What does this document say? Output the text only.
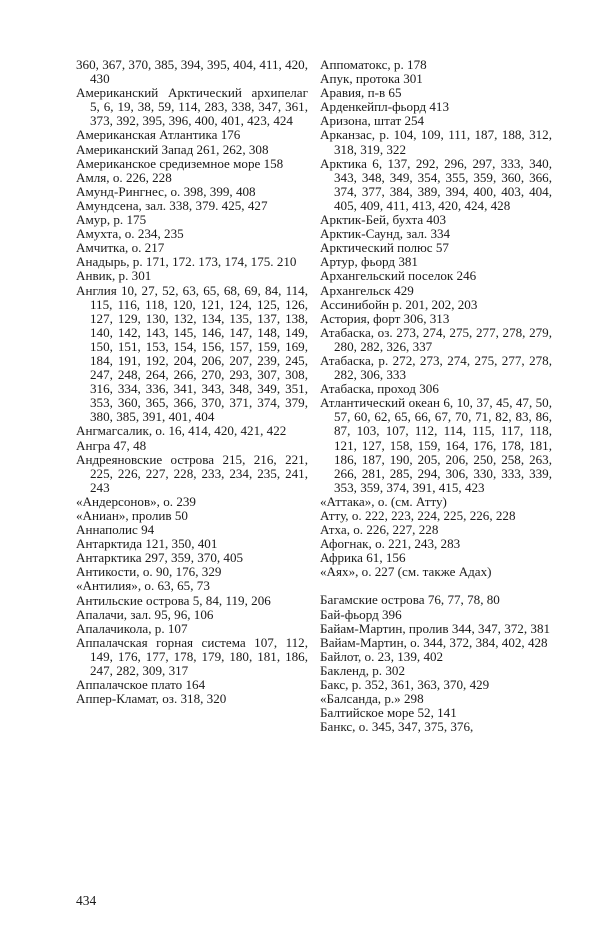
360, 367, 370, 385, 394, 395, 404, 411, 420, 430
Американский Арктический архипелаг 5, 6, 19, 38, 59, 114, 283, 338, 347, 361, 373, 392, 395, 396, 400, 401, 423, 424
Американская Атлантика 176
Американский Запад 261, 262, 308
Американское средиземное море 158
Амля, о. 226, 228
Амунд-Рингнес, о. 398, 399, 408
Амундсена, зал. 338, 379. 425, 427
Амур, р. 175
Амухта, о. 234, 235
Амчитка, о. 217
Анадырь, р. 171, 172. 173, 174, 175. 210
Анвик, р. 301
Англия 10, 27, 52, 63, 65, 68, 69, 84, 114, 115, 116, 118, 120, 121, 124, 125, 126, 127, 129, 130, 132, 134, 135, 137, 138, 140, 142, 143, 145, 146, 147, 148, 149, 150, 151, 153, 154, 156, 157, 159, 169, 184, 191, 192, 204, 206, 207, 239, 245, 247, 248, 264, 266, 270, 293, 307, 308, 316, 334, 336, 341, 343, 348, 349, 351, 353, 360, 365, 366, 370, 371, 374, 379, 380, 385, 391, 401, 404
Ангмагсалик, о. 16, 414, 420, 421, 422
Ангра 47, 48
Андреяновские острова 215, 216, 221, 225, 226, 227, 228, 233, 234, 235, 241, 243
«Андерсонов», о. 239
«Аниан», пролив 50
Аннаполис 94
Антарктида 121, 350, 401
Антарктика 297, 359, 370, 405
Антикости, о. 90, 176, 329
«Антилия», о. 63, 65, 73
Антильские острова 5, 84, 119, 206
Апалачи, зал. 95, 96, 106
Апалачикола, р. 107
Аппалачская горная система 107, 112, 149, 176, 177, 178, 179, 180, 181, 186, 247, 282, 309, 317
Аппалачское плато 164
Аппер-Кламат, оз. 318, 320
Аппоматокс, р. 178
Апук, протока 301
Аравия, п-в 65
Арденкейпл-фьорд 413
Аризона, штат 254
Арканзас, р. 104, 109, 111, 187, 188, 312, 318, 319, 322
Арктика 6, 137, 292, 296, 297, 333, 340, 343, 348, 349, 354, 355, 359, 360, 366, 374, 377, 384, 389, 394, 400, 403, 404, 405, 409, 411, 413, 420, 424, 428
Арктик-Бей, бухта 403
Арктик-Саунд, зал. 334
Арктический полюс 57
Артур, фьорд 381
Архангельский поселок 246
Архангельск 429
Ассинибойн р. 201, 202, 203
Астория, форт 306, 313
Атабаска, оз. 273, 274, 275, 277, 278, 279, 280, 282, 326, 337
Атабаска, р. 272, 273, 274, 275, 277, 278, 282, 306, 333
Атабаска, проход 306
Атлантический океан 6, 10, 37, 45, 47, 50, 57, 60, 62, 65, 66, 67, 70, 71, 82, 83, 86, 87, 103, 107, 112, 114, 115, 117, 118, 121, 127, 158, 159, 164, 176, 178, 181, 186, 187, 190, 205, 206, 250, 258, 263, 266, 281, 285, 294, 306, 330, 333, 339, 353, 359, 374, 391, 415, 423
«Аттака», о. (см. Атту)
Атту, о. 222, 223, 224, 225, 226, 228
Атха, о. 226, 227, 228
Афогнак, о. 221, 243, 283
Африка 61, 156
«Аях», о. 227 (см. также Адах)
Багамские острова 76, 77, 78, 80
Бай-фьорд 396
Байам-Мартин, пролив 344, 347, 372, 381
Вайам-Мартин, о. 344, 372, 384, 402, 428
Байлот, о. 23, 139, 402
Бакленд, р. 302
Бакс, р. 352, 361, 363, 370, 429
«Балсанда, р.» 298
Балтийское море 52, 141
Банкс, о. 345, 347, 375, 376,
434
